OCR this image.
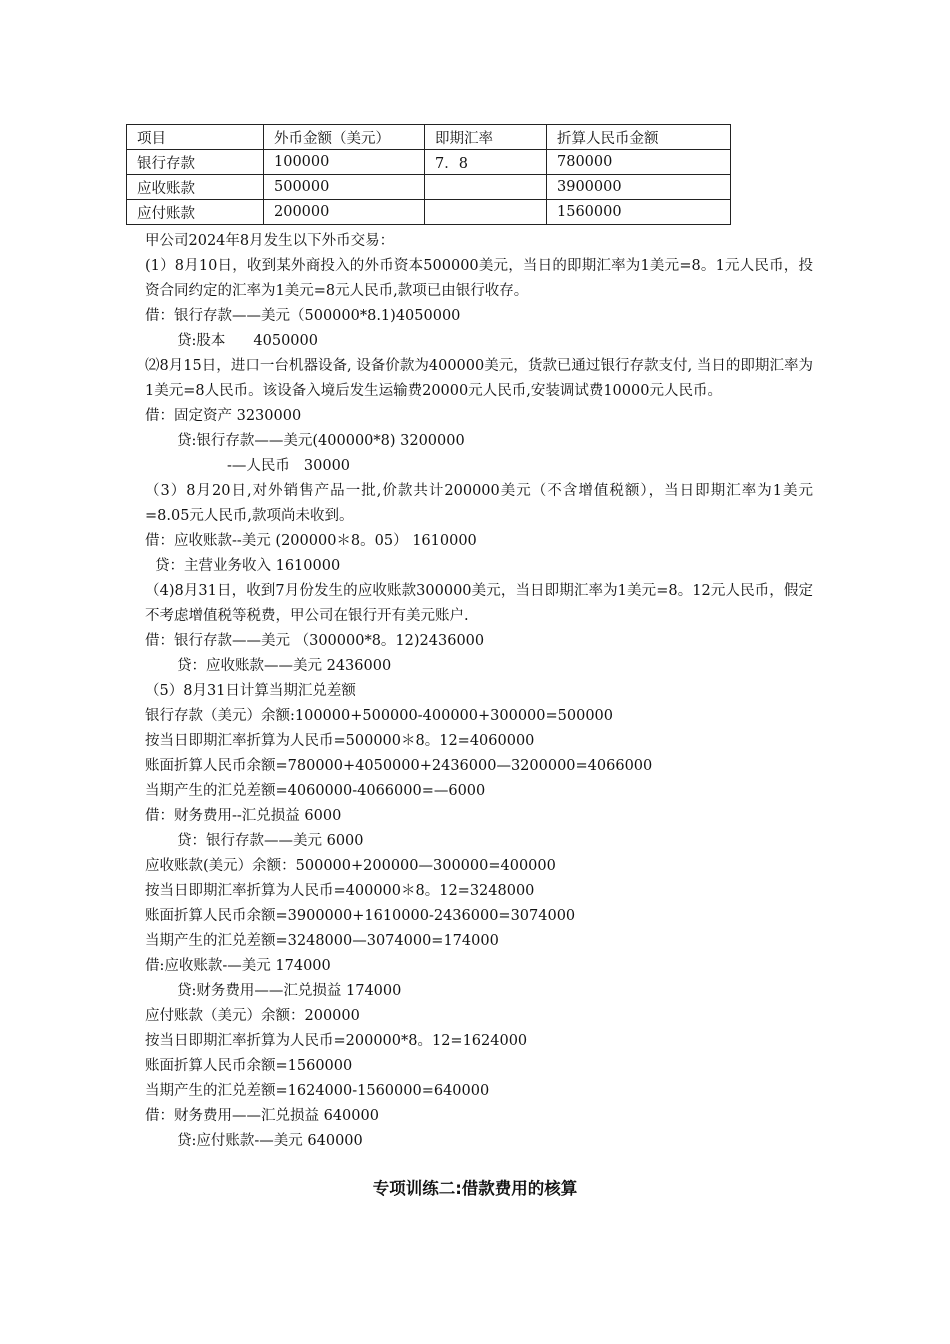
项目	外币金额（美元）	即期汇率	折算人民币金额
银行存款	100000	7．8	780000
应收账款	500000		3900000
应付账款	200000		1560000
甲公司2024年8月发生以下外币交易：
(1）8月10日，收到某外商投入的外币资本500000美元，当日的即期汇率为1美元=8。1元人民币，投资合同约定的汇率为1美元=8元人民币,款项已由银行收存。
借：银行存款——美元（500000*8.1)4050000
贷:股本 4050000
⑵8月15日，进口一台机器设备, 设备价款为400000美元，货款已通过银行存款支付, 当日的即期汇率为1美元=8人民币。该设备入境后发生运输费20000元人民币,安装调试费10000元人民币。
借：固定资产 3230000
贷:银行存款——美元(400000*8) 3200000
-—人民币 30000
（3）8月20日,对外销售产品一批,价款共计200000美元（不含增值税额），当日即期汇率为1美元=8.05元人民币,款项尚未收到。
借：应收账款--美元 (200000＊8。05） 1610000
贷：主营业务收入 1610000
（4)8月31日，收到7月份发生的应收账款300000美元，当日即期汇率为1美元=8。12元人民币，假定不考虑增值税等税费，甲公司在银行开有美元账户.
借：银行存款——美元 （300000*8。12)2436000
贷：应收账款——美元 2436000
（5）8月31日计算当期汇兑差额
银行存款（美元）余额:100000+500000-400000+300000=500000
按当日即期汇率折算为人民币=500000＊8。12=4060000
账面折算人民币余额=780000+4050000+2436000—3200000=4066000
当期产生的汇兑差额=4060000-4066000=—6000
借：财务费用--汇兑损益 6000
贷：银行存款——美元 6000
应收账款(美元）余额：500000+200000—300000=400000
按当日即期汇率折算为人民币=400000＊8。12=3248000
账面折算人民币余额=3900000+1610000-2436000=3074000
当期产生的汇兑差额=3248000—3074000=174000
借:应收账款-—美元 174000
贷:财务费用——汇兑损益 174000
应付账款（美元）余额：200000
按当日即期汇率折算为人民币=200000*8。12=1624000
账面折算人民币余额=1560000
当期产生的汇兑差额=1624000-1560000=640000
借：财务费用——汇兑损益 640000
贷:应付账款-—美元 640000
专项训练二:借款费用的核算
